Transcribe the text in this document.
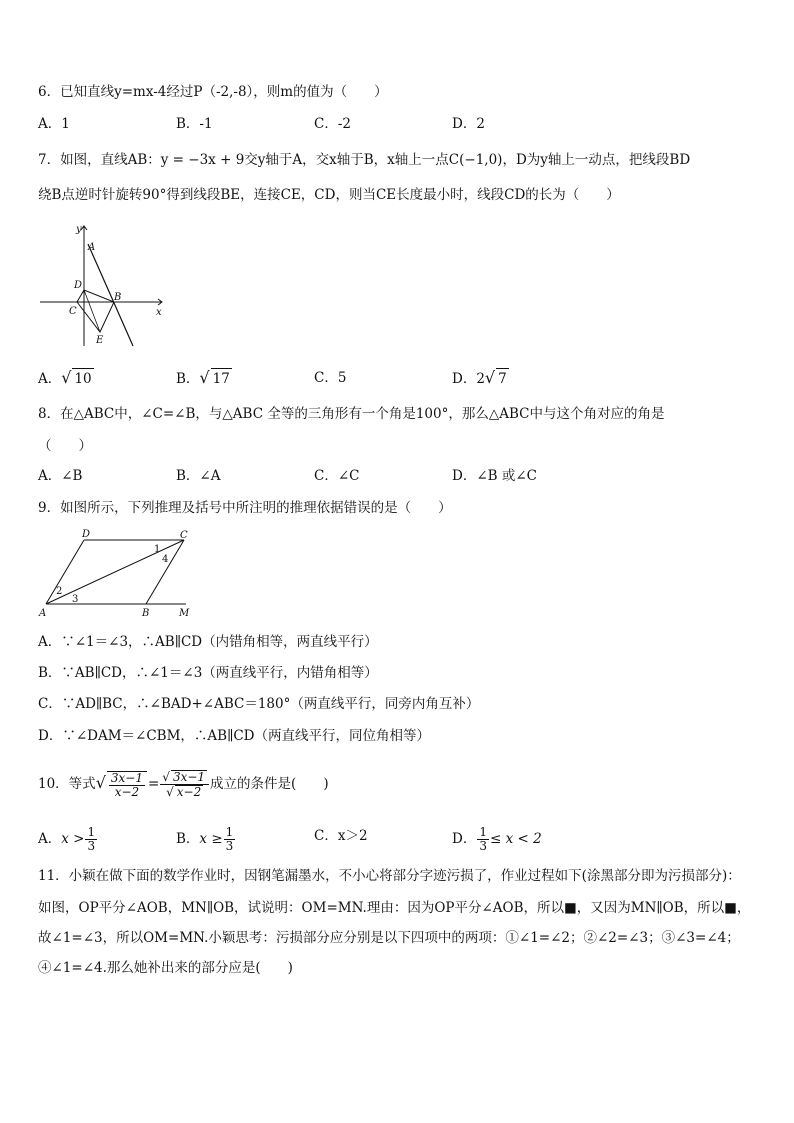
6．已知直线y=mx-4经过P（-2,-8），则m的值为（　　）
A．1	B．-1	C．-2	D．2
7．如图，直线AB：y = −3x + 9交y轴于A，交x轴于B，x轴上一点C(−1,0)，D为y轴上一动点，把线段BD
绕B点逆时针旋转90°得到线段BE，连接CE，CD，则当CE长度最小时，线段CD的长为（　　）
y
x
A
B
C
D
E
A．√ 10	B．√ 17	C．5	D．2√ 7
8．在△ABC中，∠C=∠B，与△ABC 全等的三角形有一个角是100°，那么△ABC中与这个角对应的角是
（　　）
A．∠B	B．∠A	C．∠C	D．∠B 或∠C
9．如图所示，下列推理及括号中所注明的推理依据错误的是（　　）
A	B
C
D
M
1
2
3
4
A．∵∠1＝∠3，∴AB∥CD（内错角相等，两直线平行）
B．∵AB∥CD，∴∠1＝∠3（两直线平行，内错角相等）
C．∵AD∥BC，∴∠BAD+∠ABC＝180°（两直线平行，同旁内角互补）
D．∵∠DAM＝∠CBM，∴AB∥CD（两直线平行，同位角相等）
10．等式√ $\frac{3x-1}{x-2} = \frac{√ 3x-1}{√ x-2}$ 成立的条件是(　　)
A．$x > \frac{1}{3}$	B．$x \ge \frac{1}{3}$	C．x＞2	D． $\frac{1}{3} \le x < 2$
11．小颖在做下面的数学作业时，因钢笔漏墨水，不小心将部分字迹污损了，作业过程如下(涂黑部分即为污损部分)：
如图，OP平分∠AOB，MN∥OB，试说明：OM=MN.理由：因为OP平分∠AOB，所以■，又因为MN∥OB，所以■，
故∠1=∠3，所以OM=MN.小颖思考：污损部分应分别是以下四项中的两项：①∠1=∠2；②∠2=∠3；③∠3=∠4；
④∠1=∠4.那么她补出来的部分应是(　　)
